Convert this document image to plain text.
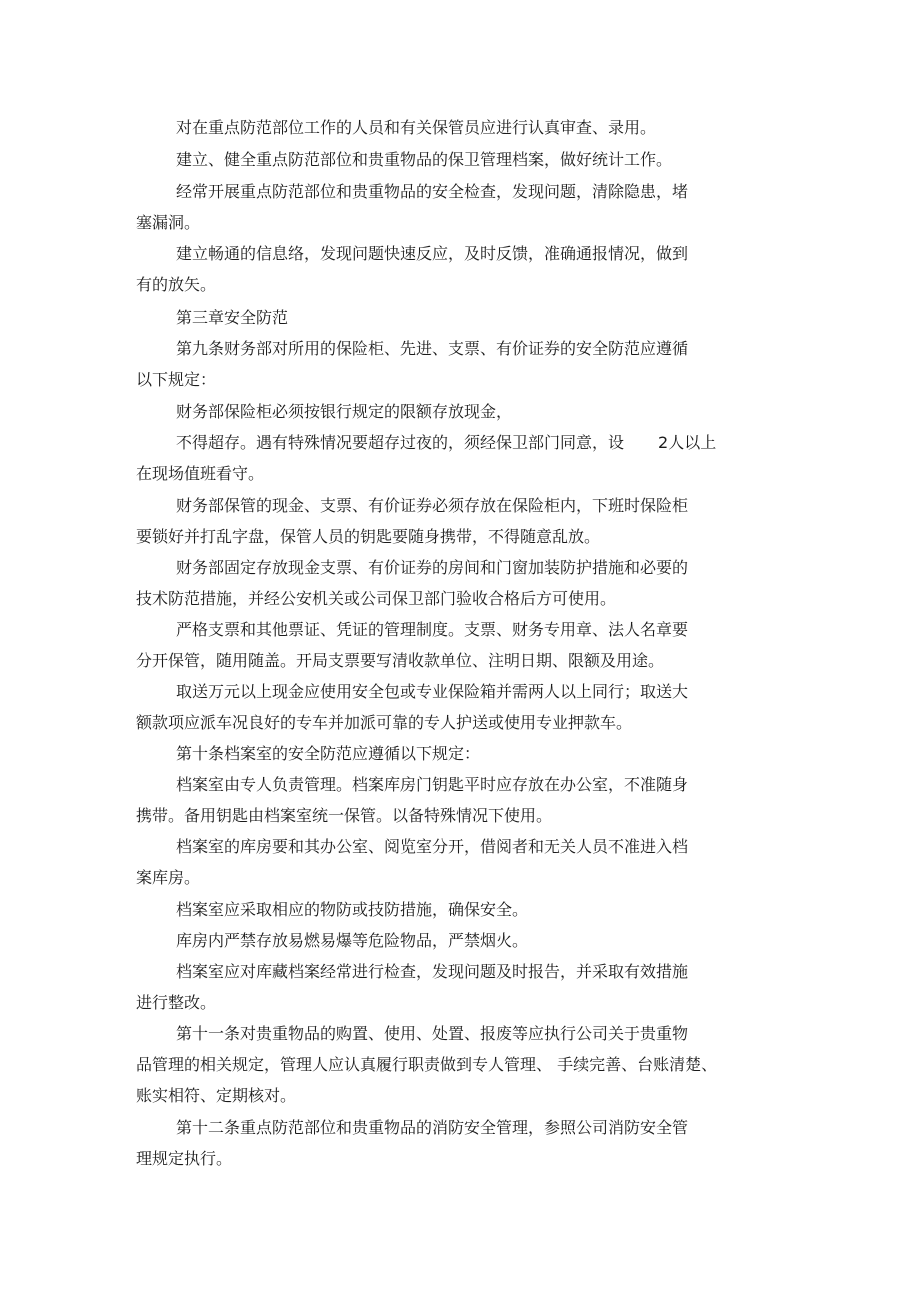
对在重点防范部位工作的人员和有关保管员应进行认真审查、录用。

建立、健全重点防范部位和贵重物品的保卫管理档案，做好统计工作。

经常开展重点防范部位和贵重物品的安全检查，发现问题，清除隐患，堵
塞漏洞。

建立畅通的信息络，发现问题快速反应，及时反馈，准确通报情况，做到
有的放矢。

第三章安全防范

第九条财务部对所用的保险柜、先进、支票、有价证券的安全防范应遵循
以下规定：

财务部保险柜必须按银行规定的限额存放现金，

不得超存。遇有特殊情况要超存过夜的，须经保卫部门同意，设 2人以上
在现场值班看守。

财务部保管的现金、支票、有价证券必须存放在保险柜内，下班时保险柜
要锁好并打乱字盘，保管人员的钥匙要随身携带，不得随意乱放。

财务部固定存放现金支票、有价证券的房间和门窗加装防护措施和必要的
技术防范措施，并经公安机关或公司保卫部门验收合格后方可使用。

严格支票和其他票证、凭证的管理制度。支票、财务专用章、法人名章要
分开保管，随用随盖。开局支票要写清收款单位、注明日期、限额及用途。

取送万元以上现金应使用安全包或专业保险箱并需两人以上同行；取送大
额款项应派车况良好的专车并加派可靠的专人护送或使用专业押款车。

第十条档案室的安全防范应遵循以下规定：

档案室由专人负责管理。档案库房门钥匙平时应存放在办公室，不准随身
携带。备用钥匙由档案室统一保管。以备特殊情况下使用。

档案室的库房要和其办公室、阅览室分开，借阅者和无关人员不准进入档
案库房。

档案室应采取相应的物防或技防措施，确保安全。

库房内严禁存放易燃易爆等危险物品，严禁烟火。

档案室应对库藏档案经常进行检查，发现问题及时报告，并采取有效措施
进行整改。

第十一条对贵重物品的购置、使用、处置、报废等应执行公司关于贵重物
品管理的相关规定，管理人应认真履行职责做到专人管理、 手续完善、台账清楚、
账实相符、定期核对。

第十二条重点防范部位和贵重物品的消防安全管理，参照公司消防安全管
理规定执行。
